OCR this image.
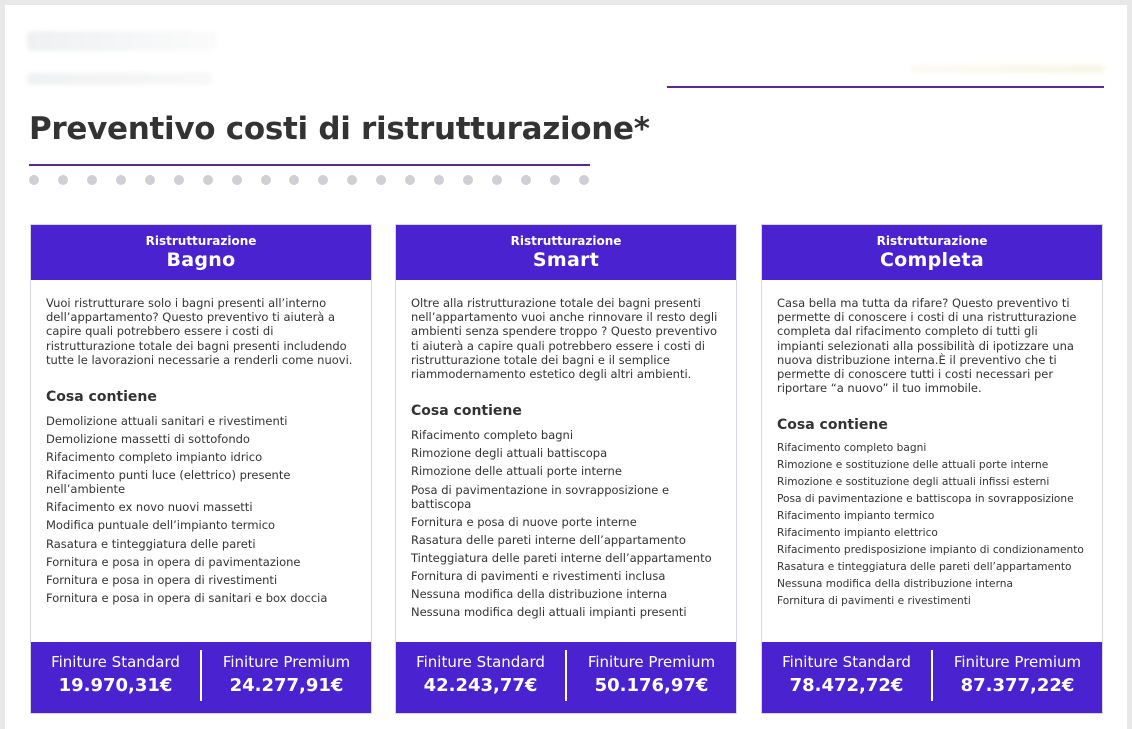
Preventivo costi di ristrutturazione*
Ristrutturazione
Bagno

Vuoi ristrutturare solo i bagni presenti all’interno dell’appartamento? Questo preventivo ti aiuterà a capire quali potrebbero essere i costi di ristrutturazione totale dei bagni presenti includendo tutte le lavorazioni necessarie a renderli come nuovi.

Cosa contiene
Demolizione attuali sanitari e rivestimenti
Demolizione massetti di sottofondo
Rifacimento completo impianto idrico
Rifacimento punti luce (elettrico) presente nell’ambiente
Rifacimento ex novo nuovi massetti
Modifica puntuale dell’impianto termico
Rasatura e tinteggiatura delle pareti
Fornitura e posa in opera di pavimentazione
Fornitura e posa in opera di rivestimenti
Fornitura e posa in opera di sanitari e box doccia
Finiture Standard
19.970,31€
Finiture Premium
24.277,91€
Ristrutturazione
Smart

Oltre alla ristrutturazione totale dei bagni presenti nell’appartamento vuoi anche rinnovare il resto degli ambienti senza spendere troppo ? Questo preventivo ti aiuterà a capire quali potrebbero essere i costi di ristrutturazione totale dei bagni e il semplice riammodernamento estetico degli altri ambienti.

Cosa contiene
Rifacimento completo bagni
Rimozione degli attuali battiscopa
Rimozione delle attuali porte interne
Posa di pavimentazione in sovrapposizione e battiscopa
Fornitura e posa di nuove porte interne
Rasatura delle pareti interne dell’appartamento
Tinteggiatura delle pareti interne dell’appartamento
Fornitura di pavimenti e rivestimenti inclusa
Nessuna modifica della distribuzione interna
Nessuna modifica degli attuali impianti presenti
Finiture Standard
42.243,77€
Finiture Premium
50.176,97€
Ristrutturazione
Completa

Casa bella ma tutta da rifare? Questo preventivo ti permette di conoscere i costi di una ristrutturazione completa dal rifacimento completo di tutti gli impianti selezionati alla possibilità di ipotizzare una nuova distribuzione interna.È il preventivo che ti permette di conoscere tutti i costi necessari per riportare “a nuovo” il tuo immobile.

Cosa contiene
Rifacimento completo bagni
Rimozione e sostituzione delle attuali porte interne
Rimozione e sostituzione degli attuali infissi esterni
Posa di pavimentazione e battiscopa in sovrapposizione
Rifacimento impianto termico
Rifacimento impianto elettrico
Rifacimento predisposizione impianto di condizionamento
Rasatura e tinteggiatura delle pareti dell’appartamento
Nessuna modifica della distribuzione interna
Fornitura di pavimenti e rivestimenti
Finiture Standard
78.472,72€
Finiture Premium
87.377,22€
